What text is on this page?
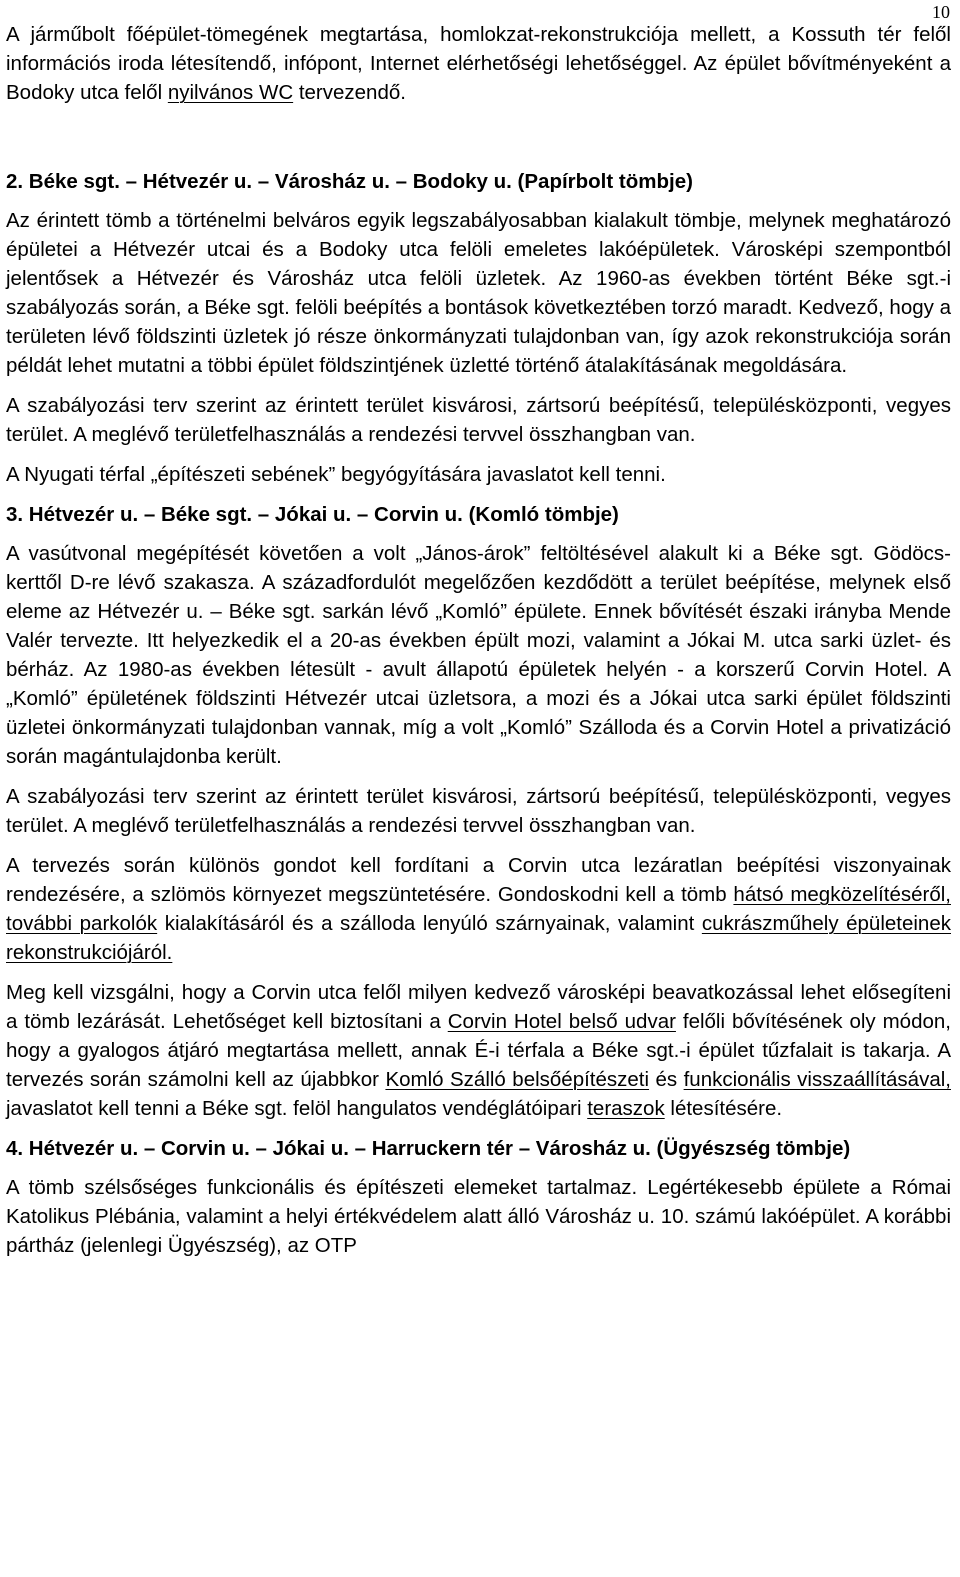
10

A járműbolt főépület-tömegének megtartása, homlokzat-rekonstrukciója mellett, a Kossuth tér felől információs iroda létesítendő, infópont, Internet elérhetőségi lehetőséggel. Az épület bővítményeként a Bodoky utca felől nyilvános WC tervezendő.

2. Béke sgt. – Hétvezér u. – Városház u. – Bodoky u. (Papírbolt tömbje)

Az érintett tömb a történelmi belváros egyik legszabályosabban kialakult tömbje, melynek meghatározó épületei a Hétvezér utcai és a Bodoky utca felöli emeletes lakóépületek. Városképi szempontból jelentősek a Hétvezér és Városház utca felöli üzletek. Az 1960-as években történt Béke sgt.-i szabályozás során, a Béke sgt. felöli beépítés a bontások következtében torzó maradt. Kedvező, hogy a területen lévő földszinti üzletek jó része önkormányzati tulajdonban van, így azok rekonstrukciója során példát lehet mutatni a többi épület földszintjének üzletté történő átalakításának megoldására.

A szabályozási terv szerint az érintett terület kisvárosi, zártsorú beépítésű, településközponti, vegyes terület. A meglévő területfelhasználás a rendezési tervvel összhangban van.

A Nyugati térfal „építészeti sebének” begyógyítására javaslatot kell tenni.

3. Hétvezér u. – Béke sgt. – Jókai u. – Corvin u. (Komló tömbje)

A vasútvonal megépítését követően a volt „János-árok” feltöltésével alakult ki a Béke sgt. Gödöcs-kerttől D-re lévő szakasza. A századfordulót megelőzően kezdődött a terület beépítése, melynek első eleme az Hétvezér u. – Béke sgt. sarkán lévő „Komló” épülete. Ennek bővítését északi irányba Mende Valér tervezte. Itt helyezkedik el a 20-as években épült mozi, valamint a Jókai M. utca sarki üzlet- és bérház. Az 1980-as években létesült - avult állapotú épületek helyén - a korszerű Corvin Hotel. A „Komló” épületének földszinti Hétvezér utcai üzletsora, a mozi és a Jókai utca sarki épület földszinti üzletei önkormányzati tulajdonban vannak, míg a volt „Komló” Szálloda és a Corvin Hotel a privatizáció során magántulajdonba került.

A szabályozási terv szerint az érintett terület kisvárosi, zártsorú beépítésű, településközponti, vegyes terület. A meglévő területfelhasználás a rendezési tervvel összhangban van.

A tervezés során különös gondot kell fordítani a Corvin utca lezáratlan beépítési viszonyainak rendezésére, a szlömös környezet megszüntetésére. Gondoskodni kell a tömb hátsó megközelítéséről, további parkolók kialakításáról és a szálloda lenyúló szárnyainak, valamint cukrászműhely épületeinek rekonstrukciójáról.

Meg kell vizsgálni, hogy a Corvin utca felől milyen kedvező városképi beavatkozással lehet elősegíteni a tömb lezárását. Lehetőséget kell biztosítani a Corvin Hotel belső udvar felőli bővítésének oly módon, hogy a gyalogos átjáró megtartása mellett, annak É-i térfala a Béke sgt.-i épület tűzfalait is takarja. A tervezés során számolni kell az újabbkor Komló Szálló belsőépítészeti és funkcionális visszaállításával, javaslatot kell tenni a Béke sgt. felöl hangulatos vendéglátóipari teraszok létesítésére.

4. Hétvezér u. – Corvin u. – Jókai u. – Harruckern tér – Városház u. (Ügyészség tömbje)

A tömb szélsőséges funkcionális és építészeti elemeket tartalmaz. Legértékesebb épülete a Római Katolikus Plébánia, valamint a helyi értékvédelem alatt álló Városház u. 10. számú lakóépület. A korábbi pártház (jelenlegi Ügyészség), az OTP
